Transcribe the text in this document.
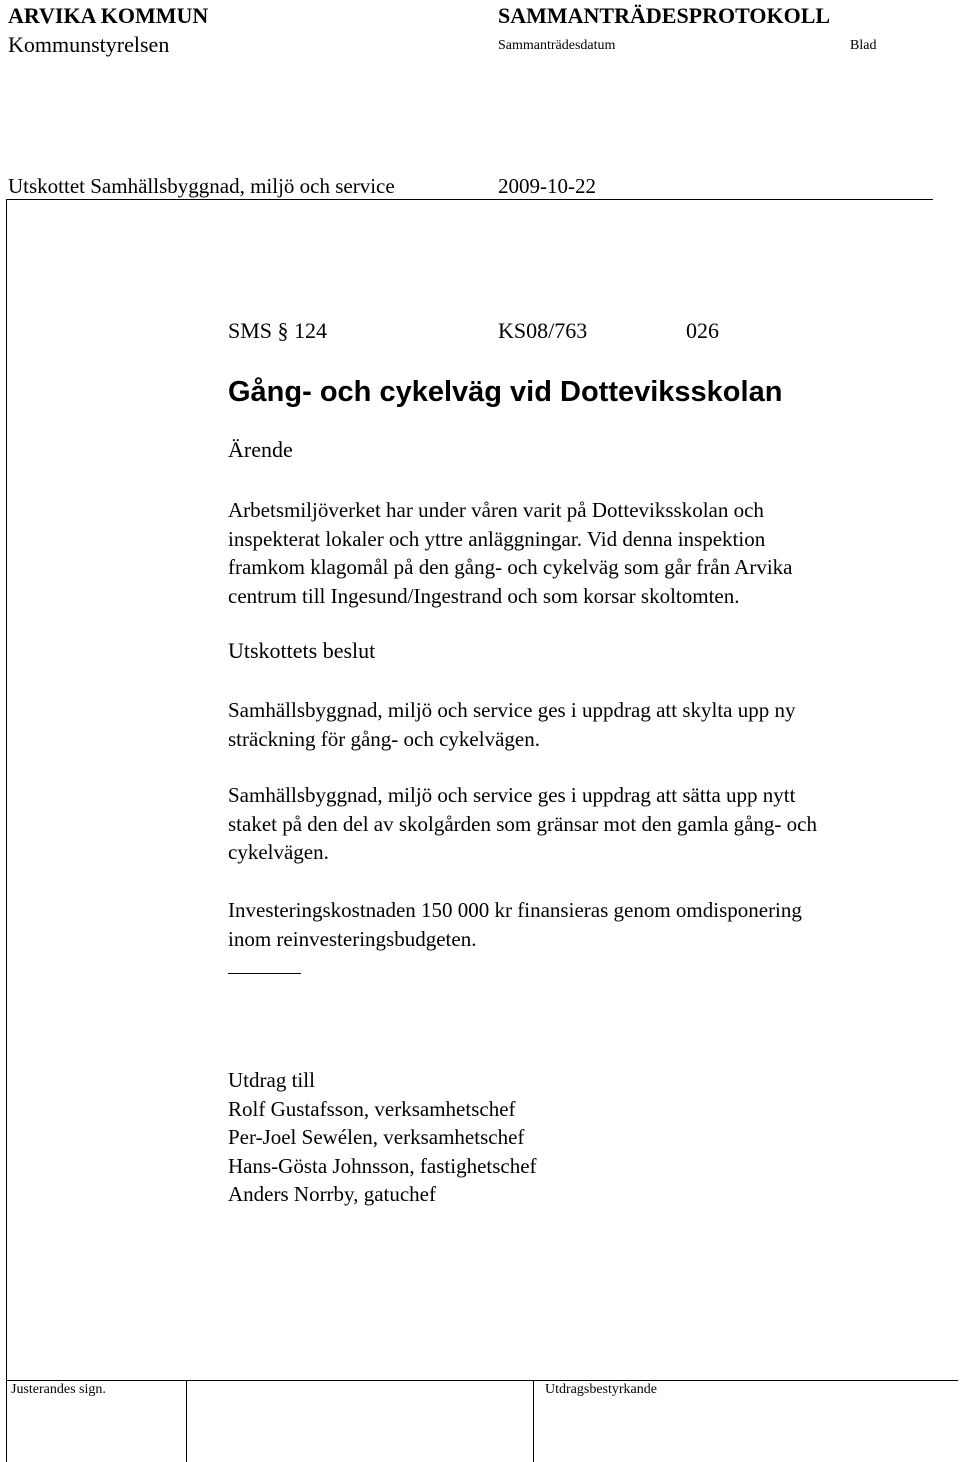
ARVIKA KOMMUN
Kommunstyrelsen
SAMMANTRÄDESPROTOKOLL
Sammanträdesdatum	Blad
Utskottet Samhällsbyggnad, miljö och service	2009-10-22
SMS § 124	KS08/763	026
Gång- och cykelväg vid Dotteviksskolan
Ärende
Arbetsmiljöverket har under våren varit på Dotteviksskolan och
inspekterat lokaler och yttre anläggningar. Vid denna inspektion
framkom klagomål på den gång- och cykelväg som går från Arvika
centrum till Ingesund/Ingestrand och som korsar skoltomten.
Utskottets beslut
Samhällsbyggnad, miljö och service ges i uppdrag att skylta upp ny
sträckning för gång- och cykelvägen.
Samhällsbyggnad, miljö och service ges i uppdrag att sätta upp nytt
staket på den del av skolgården som gränsar mot den gamla gång- och
cykelvägen.
Investeringskostnaden 150 000 kr finansieras genom omdisponering
inom reinvesteringsbudgeten.
Utdrag till
Rolf Gustafsson, verksamhetschef
Per-Joel Sewélen, verksamhetschef
Hans-Gösta Johnsson, fastighetschef
Anders Norrby, gatuchef
Justerandes sign.	Utdragsbestyrkande
